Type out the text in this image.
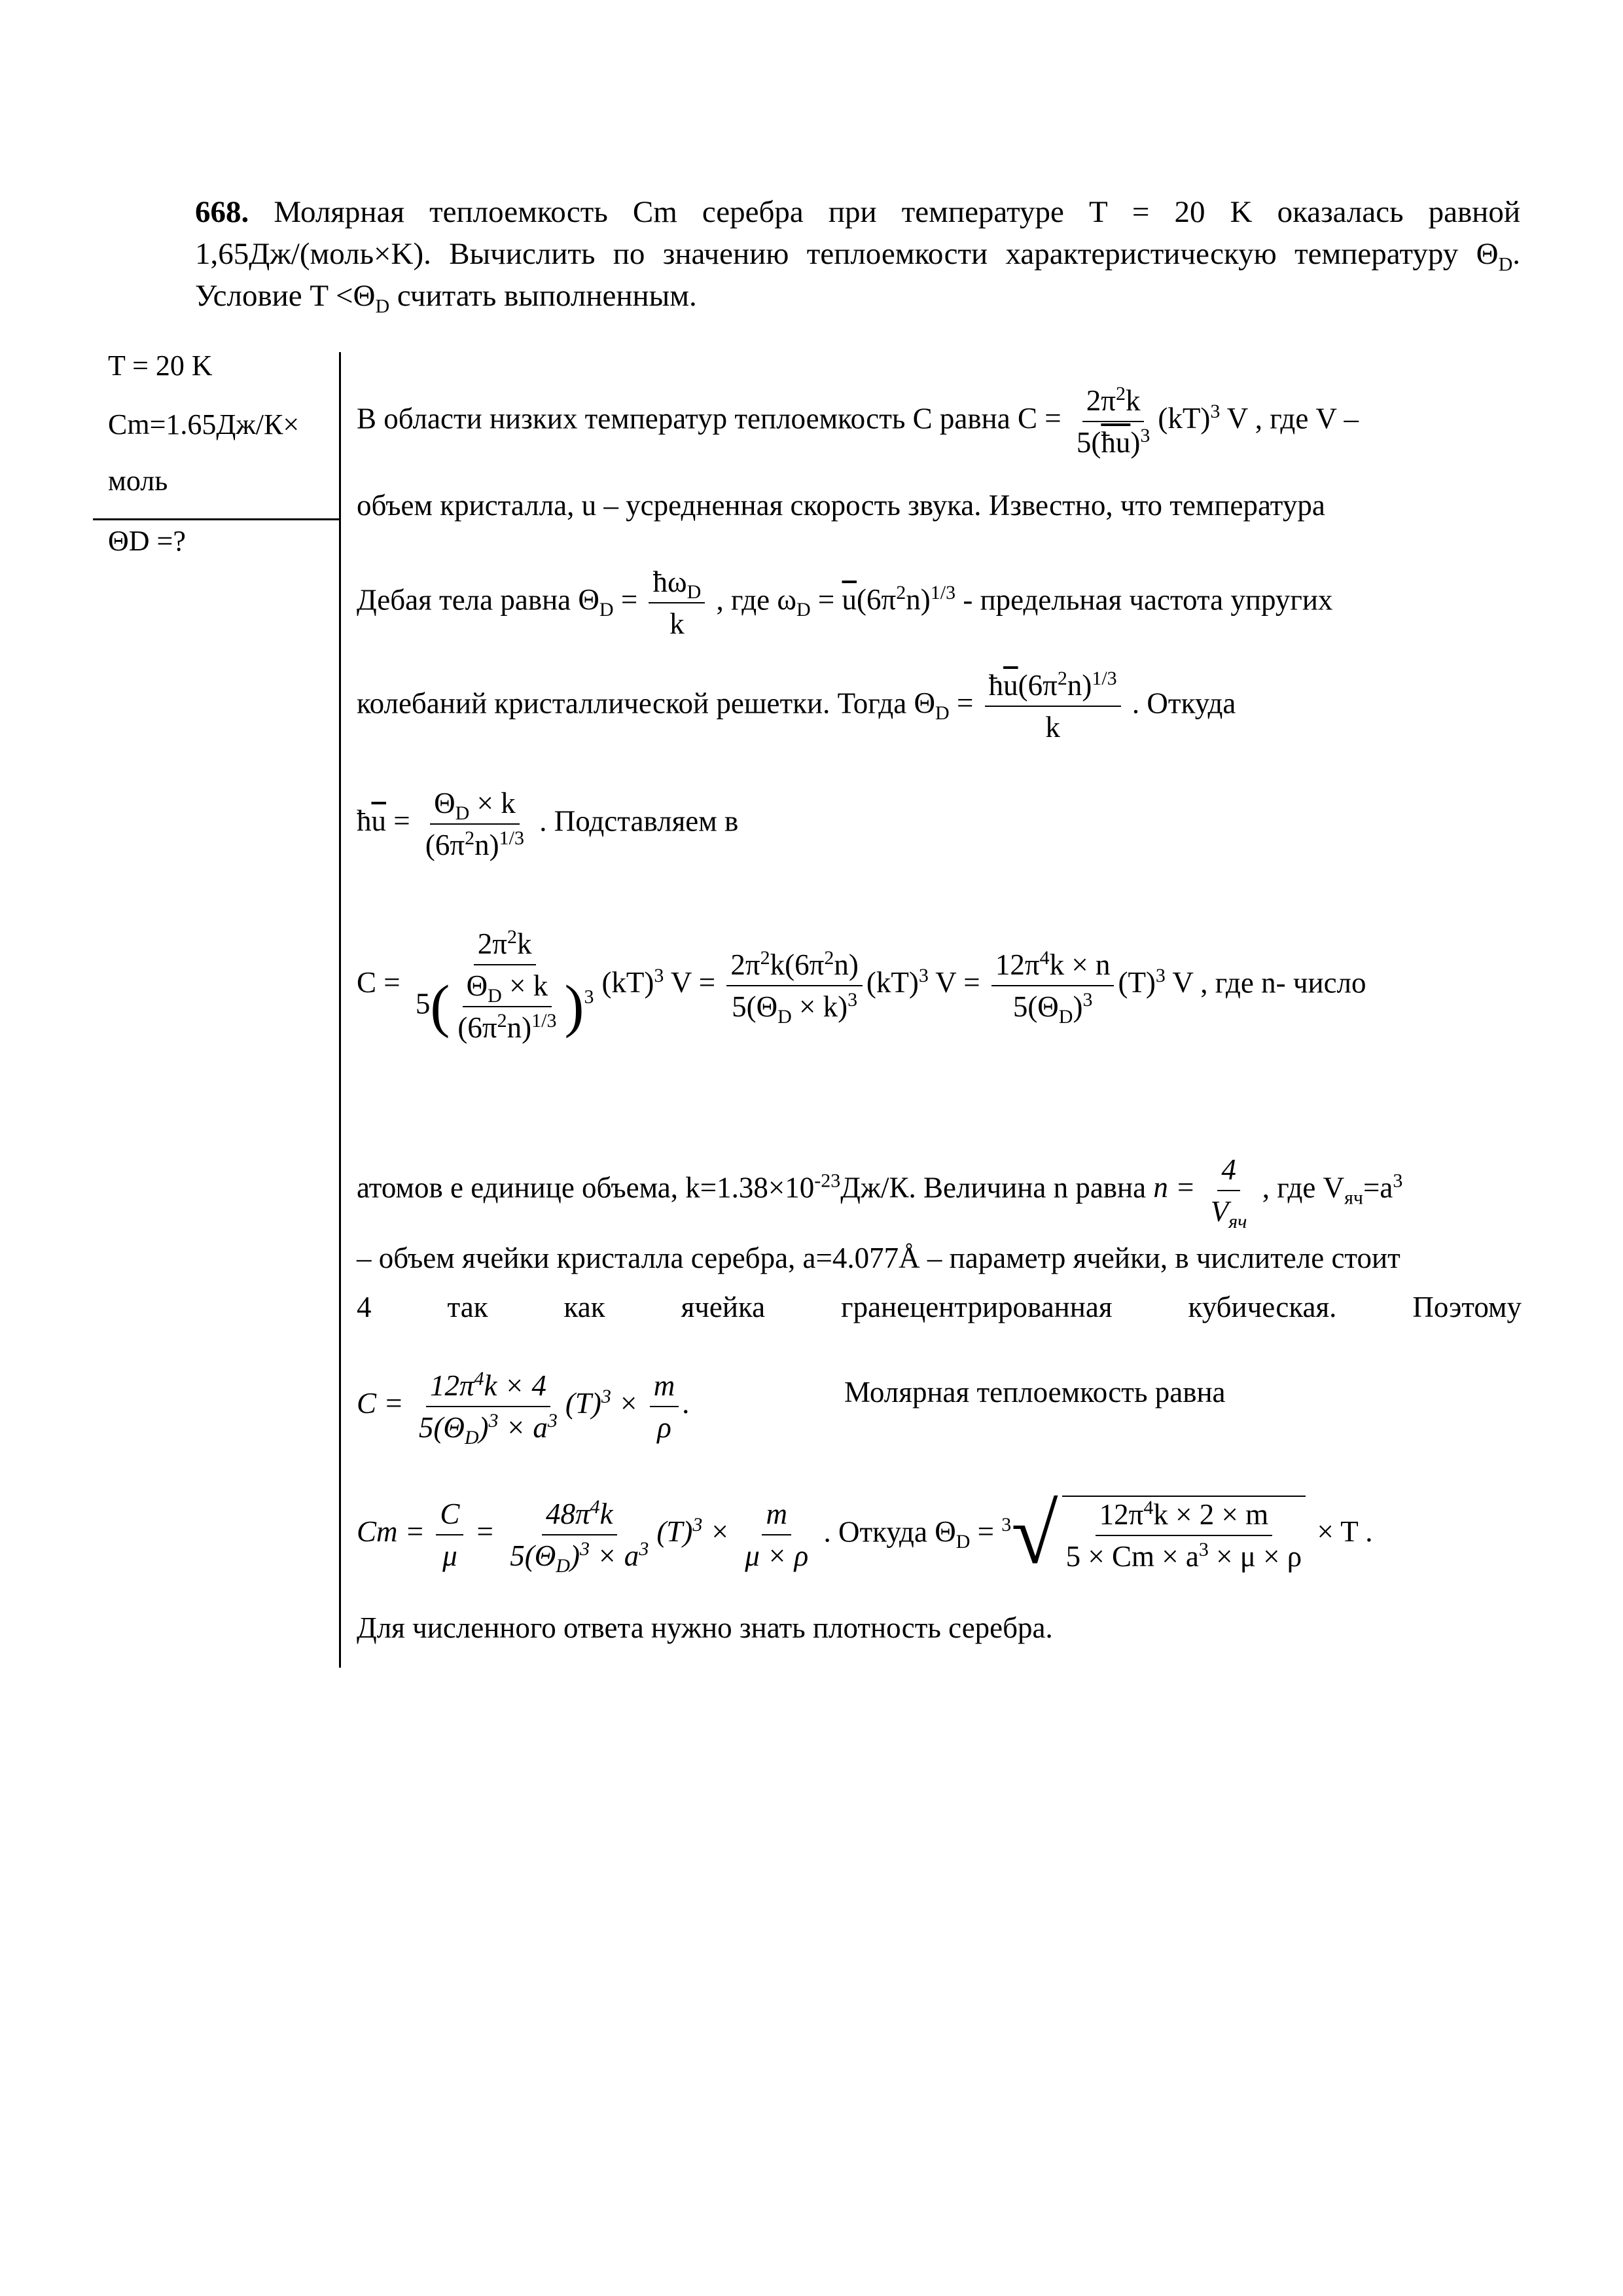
668. Молярная теплоемкость Cm серебра при температуре T = 20 K оказалась равной 1,65Дж/(моль×K). Вычислить по значению теплоемкости характеристическую температуру $\Theta_D$. Условие $T <\Theta_D$ считать выполненным.
T = 20 K
Cm=1.65Дж/К×
моль
ΘD =?
В области низких температур теплоемкость С равна $C = \frac{2\pi^2k}{5(\overline{ħu})^3} (kT)^3$ V , где V –
объем кристалла, u – усредненная скорость звука. Известно, что температура
Дебая тела равна $\Theta_D = \frac{ħ\omega_D}{k}$ , где $\omega_D = \overline{u}(6\pi^2n)^{1/3}$ - предельная частота упругих
колебаний кристаллической решетки. Тогда $\Theta_D = \frac{ħ\overline{u}(6\pi^2n)^{1/3}}{k}$ . Откуда
$ħ\overline{u} = \frac{\Theta_D \times k}{(6\pi^2n)^{1/3}}$ . Подставляем в
$C = \frac{2\pi^2k}{5( \frac{\Theta_D \times k}{(6\pi^2n)^{1/3}} )^3} (kT)^3$ $V = \frac{2\pi^2k(6\pi^2n)}{5(\Theta_D \times k)^3} (kT)^3$ $V = \frac{12\pi^4k \times n}{5(\Theta_D)^3} (T)^3$ V , где n- число
атомов е единице объема, $k=1.38\times 10^{-23}Дж/К$. Величина n равна $n = \frac{4}{V_{яч}}$ , где $V_{яч}=a^3$
– объем ячейки кристалла серебра, a=4.077Å – параметр ячейки, в числителе стоит
4 так как ячейка гранецентрированная кубическая. Поэтому
$C = \frac{12\pi^4k \times 4}{5(\Theta_D)^3 \times a^3} (T)^3 \times \frac{m}{\rho}$ .	Молярная теплоемкость равна
$Cm = \frac{C}{\mu} = \frac{48\pi^4k}{5(\Theta_D)^3 \times a^3} (T)^3 \times \frac{m}{\mu \times \rho}$ . Откуда $\Theta_D = ^3√ \frac{12\pi^4k \times 2 \times m}{5 \times Cm \times a^3 \times \mu \times \rho} \times T$ .
Для численного ответа нужно знать плотность серебра.
